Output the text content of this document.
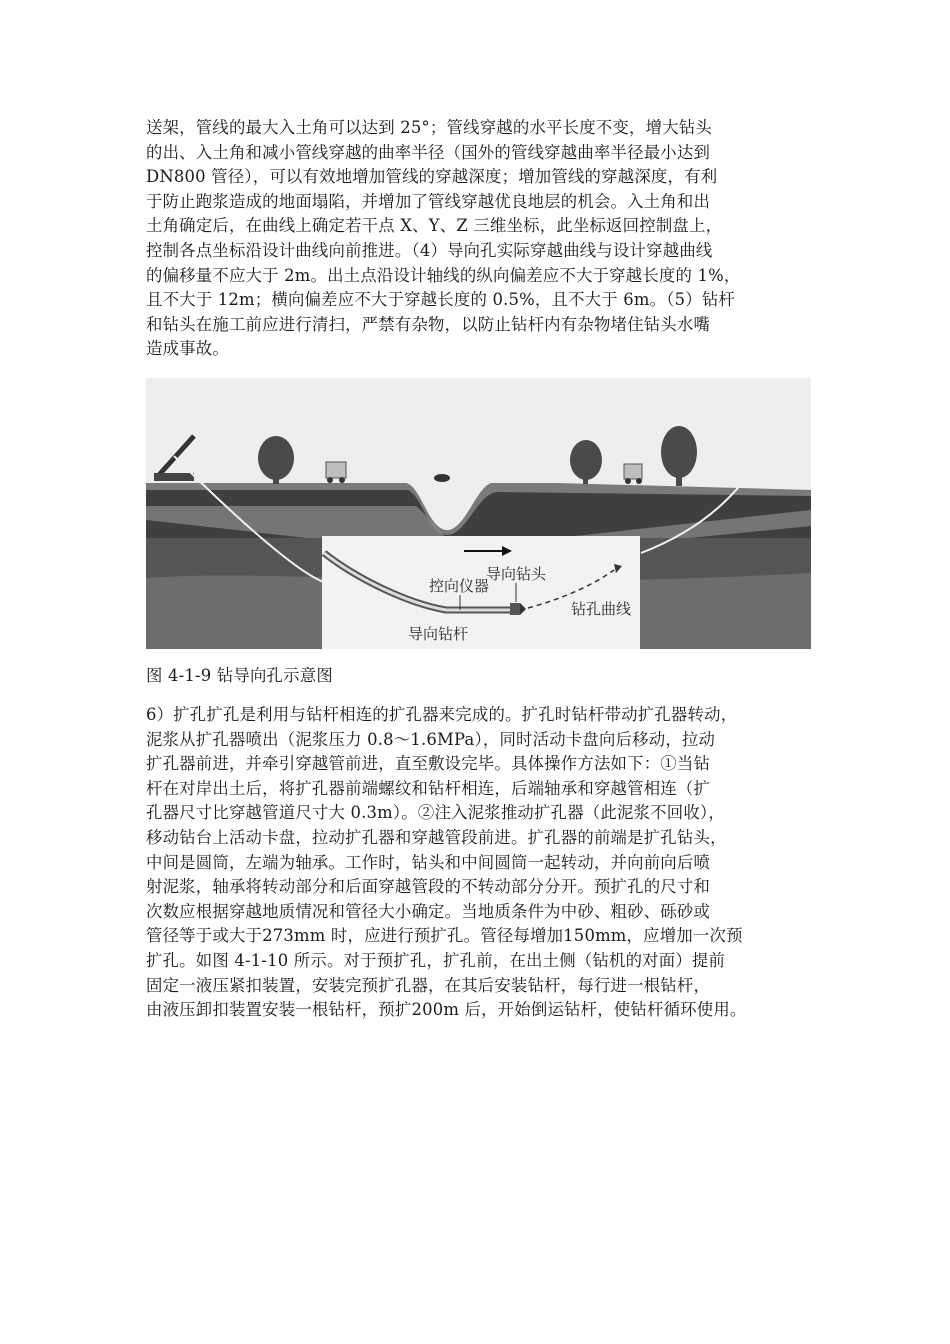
送架，管线的最大入土角可以达到 25°；管线穿越的水平长度不变，增大钻头
的出、入土角和减小管线穿越的曲率半径（国外的管线穿越曲率半径最小达到
DN800 管径），可以有效地增加管线的穿越深度；增加管线的穿越深度，有利
于防止跑浆造成的地面塌陷，并增加了管线穿越优良地层的机会。入土角和出
土角确定后，在曲线上确定若干点 X、Y、Z 三维坐标，此坐标返回控制盘上，
控制各点坐标沿设计曲线向前推进。（4）导向孔实际穿越曲线与设计穿越曲线
的偏移量不应大于 2m。出土点沿设计轴线的纵向偏差应不大于穿越长度的 1%，
且不大于 12m；横向偏差应不大于穿越长度的 0.5%，且不大于 6m。（5）钻杆
和钻头在施工前应进行清扫，严禁有杂物，以防止钻杆内有杂物堵住钻头水嘴
造成事故。
控向仪器
导向钻头
钻孔曲线
导向钻杆
图 4-1-9 钻导向孔示意图
6）扩孔扩孔是利用与钻杆相连的扩孔器来完成的。扩孔时钻杆带动扩孔器转动，
泥浆从扩孔器喷出（泥浆压力 0.8～1.6MPa），同时活动卡盘向后移动，拉动
扩孔器前进，并牵引穿越管前进，直至敷设完毕。具体操作方法如下：①当钻
杆在对岸出土后，将扩孔器前端螺纹和钻杆相连，后端轴承和穿越管相连（扩
孔器尺寸比穿越管道尺寸大 0.3m）。②注入泥浆推动扩孔器（此泥浆不回收），
移动钻台上活动卡盘，拉动扩孔器和穿越管段前进。扩孔器的前端是扩孔钻头，
中间是圆筒，左端为轴承。工作时，钻头和中间圆筒一起转动，并向前向后喷
射泥浆，轴承将转动部分和后面穿越管段的不转动部分分开。预扩孔的尺寸和
次数应根据穿越地质情况和管径大小确定。当地质条件为中砂、粗砂、砾砂或
管径等于或大于273mm 时，应进行预扩孔。管径每增加150mm，应增加一次预
扩孔。如图 4-1-10 所示。对于预扩孔，扩孔前，在出土侧（钻机的对面）提前
固定一液压紧扣装置，安装完预扩孔器，在其后安装钻杆，每行进一根钻杆，
由液压卸扣装置安装一根钻杆，预扩200m 后，开始倒运钻杆，使钻杆循环使用。
